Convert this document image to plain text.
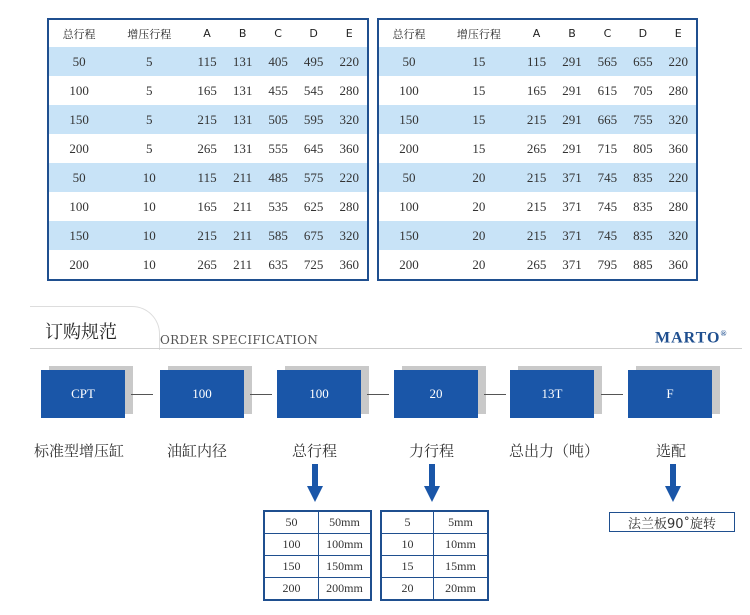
总行程	增压行程	A	B	C	D	E
50	5	115	131	405	495	220
100	5	165	131	455	545	280
150	5	215	131	505	595	320
200	5	265	131	555	645	360
50	10	115	211	485	575	220
100	10	165	211	535	625	280
150	10	215	211	585	675	320
200	10	265	211	635	725	360
总行程	增压行程	A	B	C	D	E
50	15	115	291	565	655	220
100	15	165	291	615	705	280
150	15	215	291	665	755	320
200	15	265	291	715	805	360
50	20	215	371	745	835	220
100	20	215	371	745	835	280
150	20	215	371	745	835	320
200	20	265	371	795	885	360
订购规范	ORDER SPECIFICATION	MARTO®
CPT	100	100	20	13T	F
标准型增压缸	油缸内径	总行程	力行程	总出力（吨）	选配
50	50mm
100	100mm
150	150mm
200	200mm
5	5mm
10	10mm
15	15mm
20	20mm
法兰板90˚旋转
